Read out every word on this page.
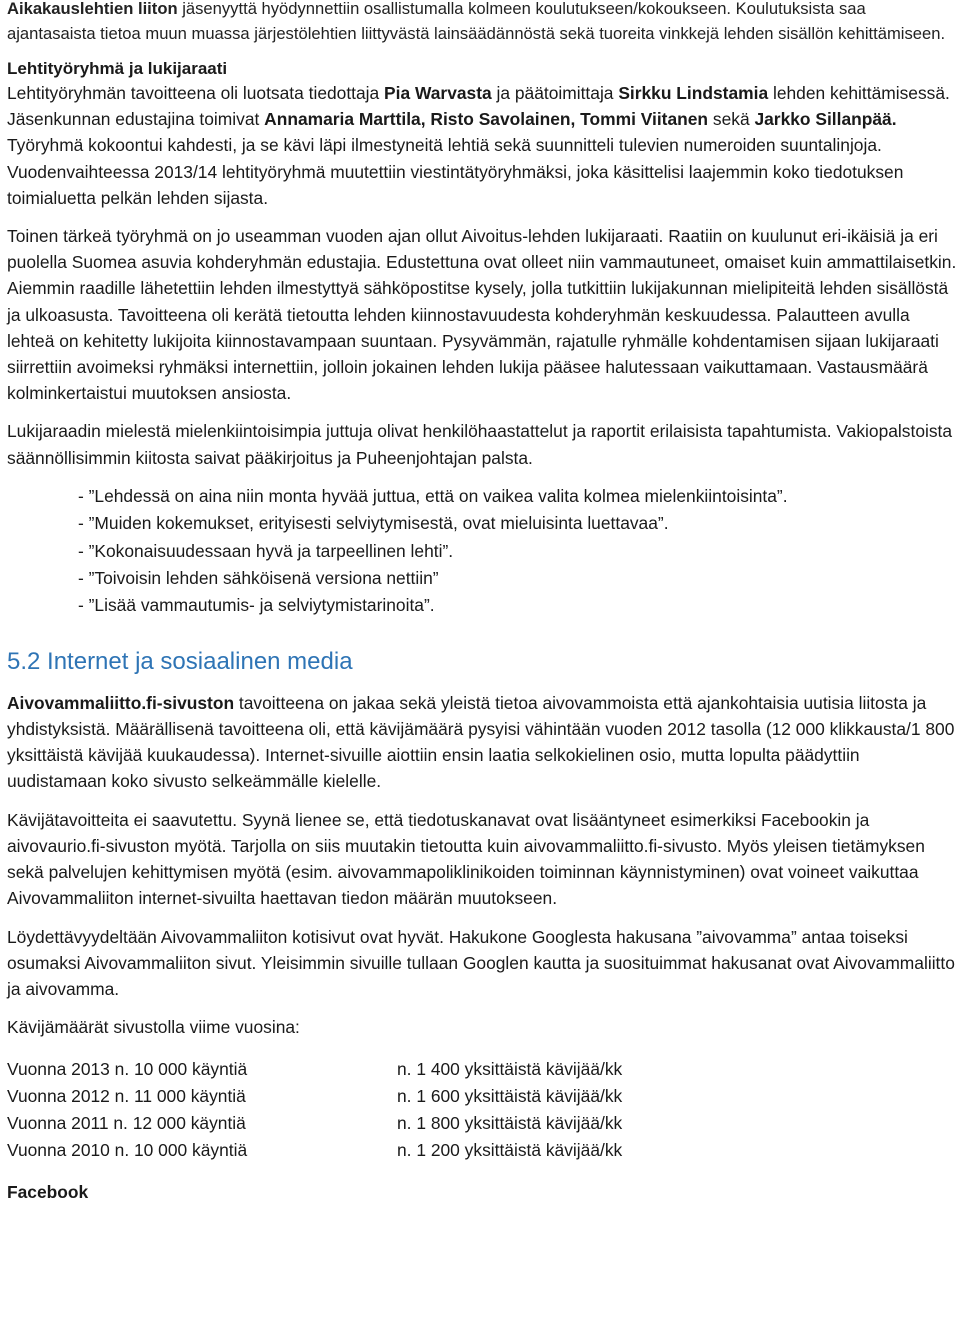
Aikakauslehtien liiton jäsenyyttä hyödynnettiin osallistumalla kolmeen koulutukseen/kokoukseen. Koulutuksista saa ajantasaista tietoa muun muassa järjestölehtien liittyvästä lainsäädännöstä sekä tuoreita vinkkejä lehden sisällön kehittämiseen.

Lehtityöryhmä ja lukijaraati

Lehtityöryhmän tavoitteena oli luotsata tiedottaja Pia Warvasta ja päätoimittaja Sirkku Lindstamia lehden kehittämisessä. Jäsenkunnan edustajina toimivat Annamaria Marttila, Risto Savolainen, Tommi Viitanen sekä Jarkko Sillanpää. Työryhmä kokoontui kahdesti, ja se kävi läpi ilmestyneitä lehtiä sekä suunnitteli tulevien numeroiden suuntalinjoja. Vuodenvaihteessa 2013/14 lehtityöryhmä muutettiin viestintätyöryhmäksi, joka käsittelisi laajemmin koko tiedotuksen toimialuetta pelkän lehden sijasta.

Toinen tärkeä työryhmä on jo useamman vuoden ajan ollut Aivoitus-lehden lukijaraati. Raatiin on kuulunut eri-ikäisiä ja eri puolella Suomea asuvia kohderyhmän edustajia. Edustettuna ovat olleet niin vammautuneet, omaiset kuin ammattilaisetkin. Aiemmin raadille lähetettiin lehden ilmestyttyä sähköpostitse kysely, jolla tutkittiin lukijakunnan mielipiteitä lehden sisällöstä ja ulkoasusta. Tavoitteena oli kerätä tietoutta lehden kiinnostavuudesta kohderyhmän keskuudessa. Palautteen avulla lehteä on kehitetty lukijoita kiinnostavampaan suuntaan. Pysyvämmän, rajatulle ryhmälle kohdentamisen sijaan lukijaraati siirrettiin avoimeksi ryhmäksi internettiin, jolloin jokainen lehden lukija pääsee halutessaan vaikuttamaan. Vastausmäärä kolminkertaistui muutoksen ansiosta.

Lukijaraadin mielestä mielenkiintoisimpia juttuja olivat henkilöhaastattelut ja raportit erilaisista tapahtumista. Vakiopalstoista säännöllisimmin kiitosta saivat pääkirjoitus ja Puheenjohtajan palsta.

- ”Lehdessä on aina niin monta hyvää juttua, että on vaikea valita kolmea mielenkiintoisinta”.
- ”Muiden kokemukset, erityisesti selviytymisestä, ovat mieluisinta luettavaa”.
- ”Kokonaisuudessaan hyvä ja tarpeellinen lehti”.
- ”Toivoisin lehden sähköisenä versiona nettiin”
- ”Lisää vammautumis- ja selviytymistarinoita”.
5.2 Internet ja sosiaalinen media

Aivovammaliitto.fi-sivuston tavoitteena on jakaa sekä yleistä tietoa aivovammoista että ajankohtaisia uutisia liitosta ja yhdistyksistä. Määrällisenä tavoitteena oli, että kävijämäärä pysyisi vähintään vuoden 2012 tasolla (12 000 klikkausta/1 800 yksittäistä kävijää kuukaudessa). Internet-sivuille aiottiin ensin laatia selkokielinen osio, mutta lopulta päädyttiin uudistamaan koko sivusto selkeämmälle kielelle.

Kävijätavoitteita ei saavutettu. Syynä lienee se, että tiedotuskanavat ovat lisääntyneet esimerkiksi Facebookin ja aivovaurio.fi-sivuston myötä. Tarjolla on siis muutakin tietoutta kuin aivovammaliitto.fi-sivusto. Myös yleisen tietämyksen sekä palvelujen kehittymisen myötä (esim. aivovammapoliklinikoiden toiminnan käynnistyminen) ovat voineet vaikuttaa Aivovammaliiton internet-sivuilta haettavan tiedon määrän muutokseen.

Löydettävyydeltään Aivovammaliiton kotisivut ovat hyvät. Hakukone Googlesta hakusana ”aivovamma” antaa toiseksi osumaksi Aivovammaliiton sivut. Yleisimmin sivuille tullaan Googlen kautta ja suosituimmat hakusanat ovat Aivovammaliitto ja aivovamma.

Kävijämäärät sivustolla viime vuosina:

Vuonna 2013 n. 10 000 käyntiä	n. 1 400 yksittäistä kävijää/kk
Vuonna 2012 n. 11 000 käyntiä	n. 1 600 yksittäistä kävijää/kk
Vuonna 2011 n. 12 000 käyntiä	n. 1 800 yksittäistä kävijää/kk
Vuonna 2010 n. 10 000 käyntiä	n. 1 200 yksittäistä kävijää/kk
Facebook
